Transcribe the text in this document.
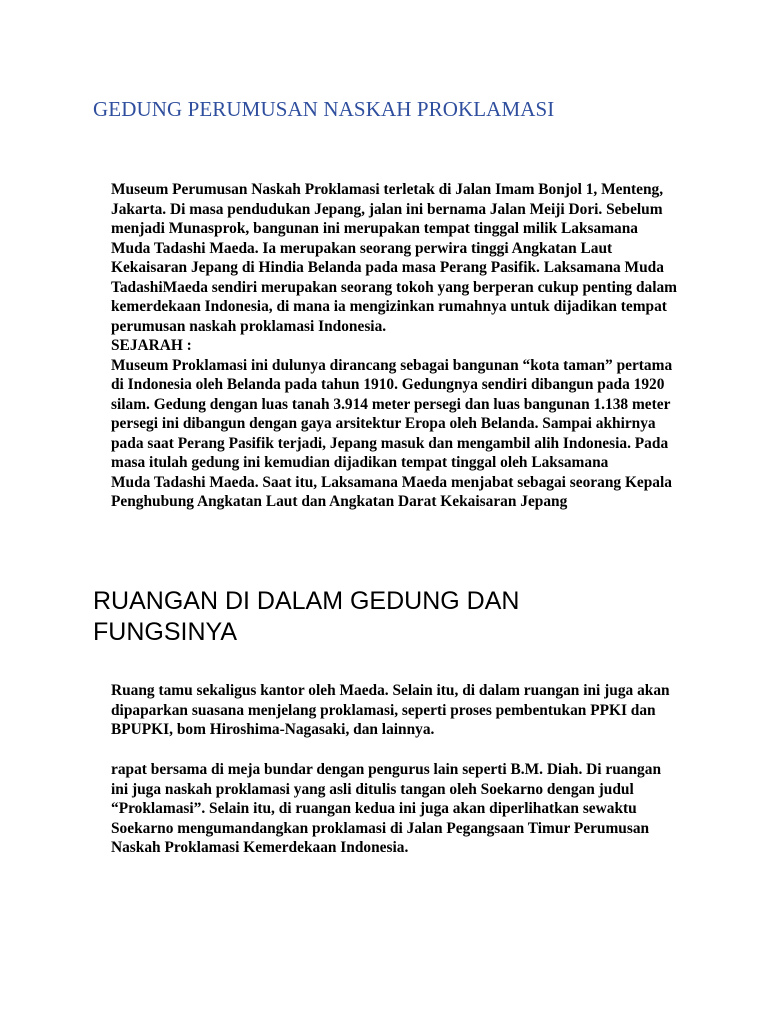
GEDUNG PERUMUSAN NASKAH PROKLAMASI

Museum Perumusan Naskah Proklamasi terletak di Jalan Imam Bonjol 1, Menteng, Jakarta. Di masa pendudukan Jepang, jalan ini bernama Jalan Meiji Dori. Sebelum menjadi Munasprok, bangunan ini merupakan tempat tinggal milik Laksamana Muda Tadashi Maeda. Ia merupakan seorang perwira tinggi Angkatan Laut Kekaisaran Jepang di Hindia Belanda pada masa Perang Pasifik. Laksamana Muda TadashiMaeda sendiri merupakan seorang tokoh yang berperan cukup penting dalam kemerdekaan Indonesia, di mana ia mengizinkan rumahnya untuk dijadikan tempat perumusan naskah proklamasi Indonesia.

SEJARAH :

Museum Proklamasi ini dulunya dirancang sebagai bangunan “kota taman” pertama di Indonesia oleh Belanda pada tahun 1910. Gedungnya sendiri dibangun pada 1920 silam. Gedung dengan luas tanah 3.914 meter persegi dan luas bangunan 1.138 meter persegi ini dibangun dengan gaya arsitektur Eropa oleh Belanda. Sampai akhirnya pada saat Perang Pasifik terjadi, Jepang masuk dan mengambil alih Indonesia. Pada masa itulah gedung ini kemudian dijadikan tempat tinggal oleh Laksamana

Muda Tadashi Maeda. Saat itu, Laksamana Maeda menjabat sebagai seorang Kepala Penghubung Angkatan Laut dan Angkatan Darat Kekaisaran Jepang

RUANGAN DI DALAM GEDUNG DAN FUNGSINYA

Ruang tamu sekaligus kantor oleh Maeda. Selain itu, di dalam ruangan ini juga akan dipaparkan suasana menjelang proklamasi, seperti proses pembentukan PPKI dan BPUPKI, bom Hiroshima-Nagasaki, dan lainnya.

rapat bersama di meja bundar dengan pengurus lain seperti B.M. Diah. Di ruangan ini juga naskah proklamasi yang asli ditulis tangan oleh Soekarno dengan judul “Proklamasi”. Selain itu, di ruangan kedua ini juga akan diperlihatkan sewaktu Soekarno mengumandangkan proklamasi di Jalan Pegangsaan Timur Perumusan Naskah Proklamasi Kemerdekaan Indonesia.
